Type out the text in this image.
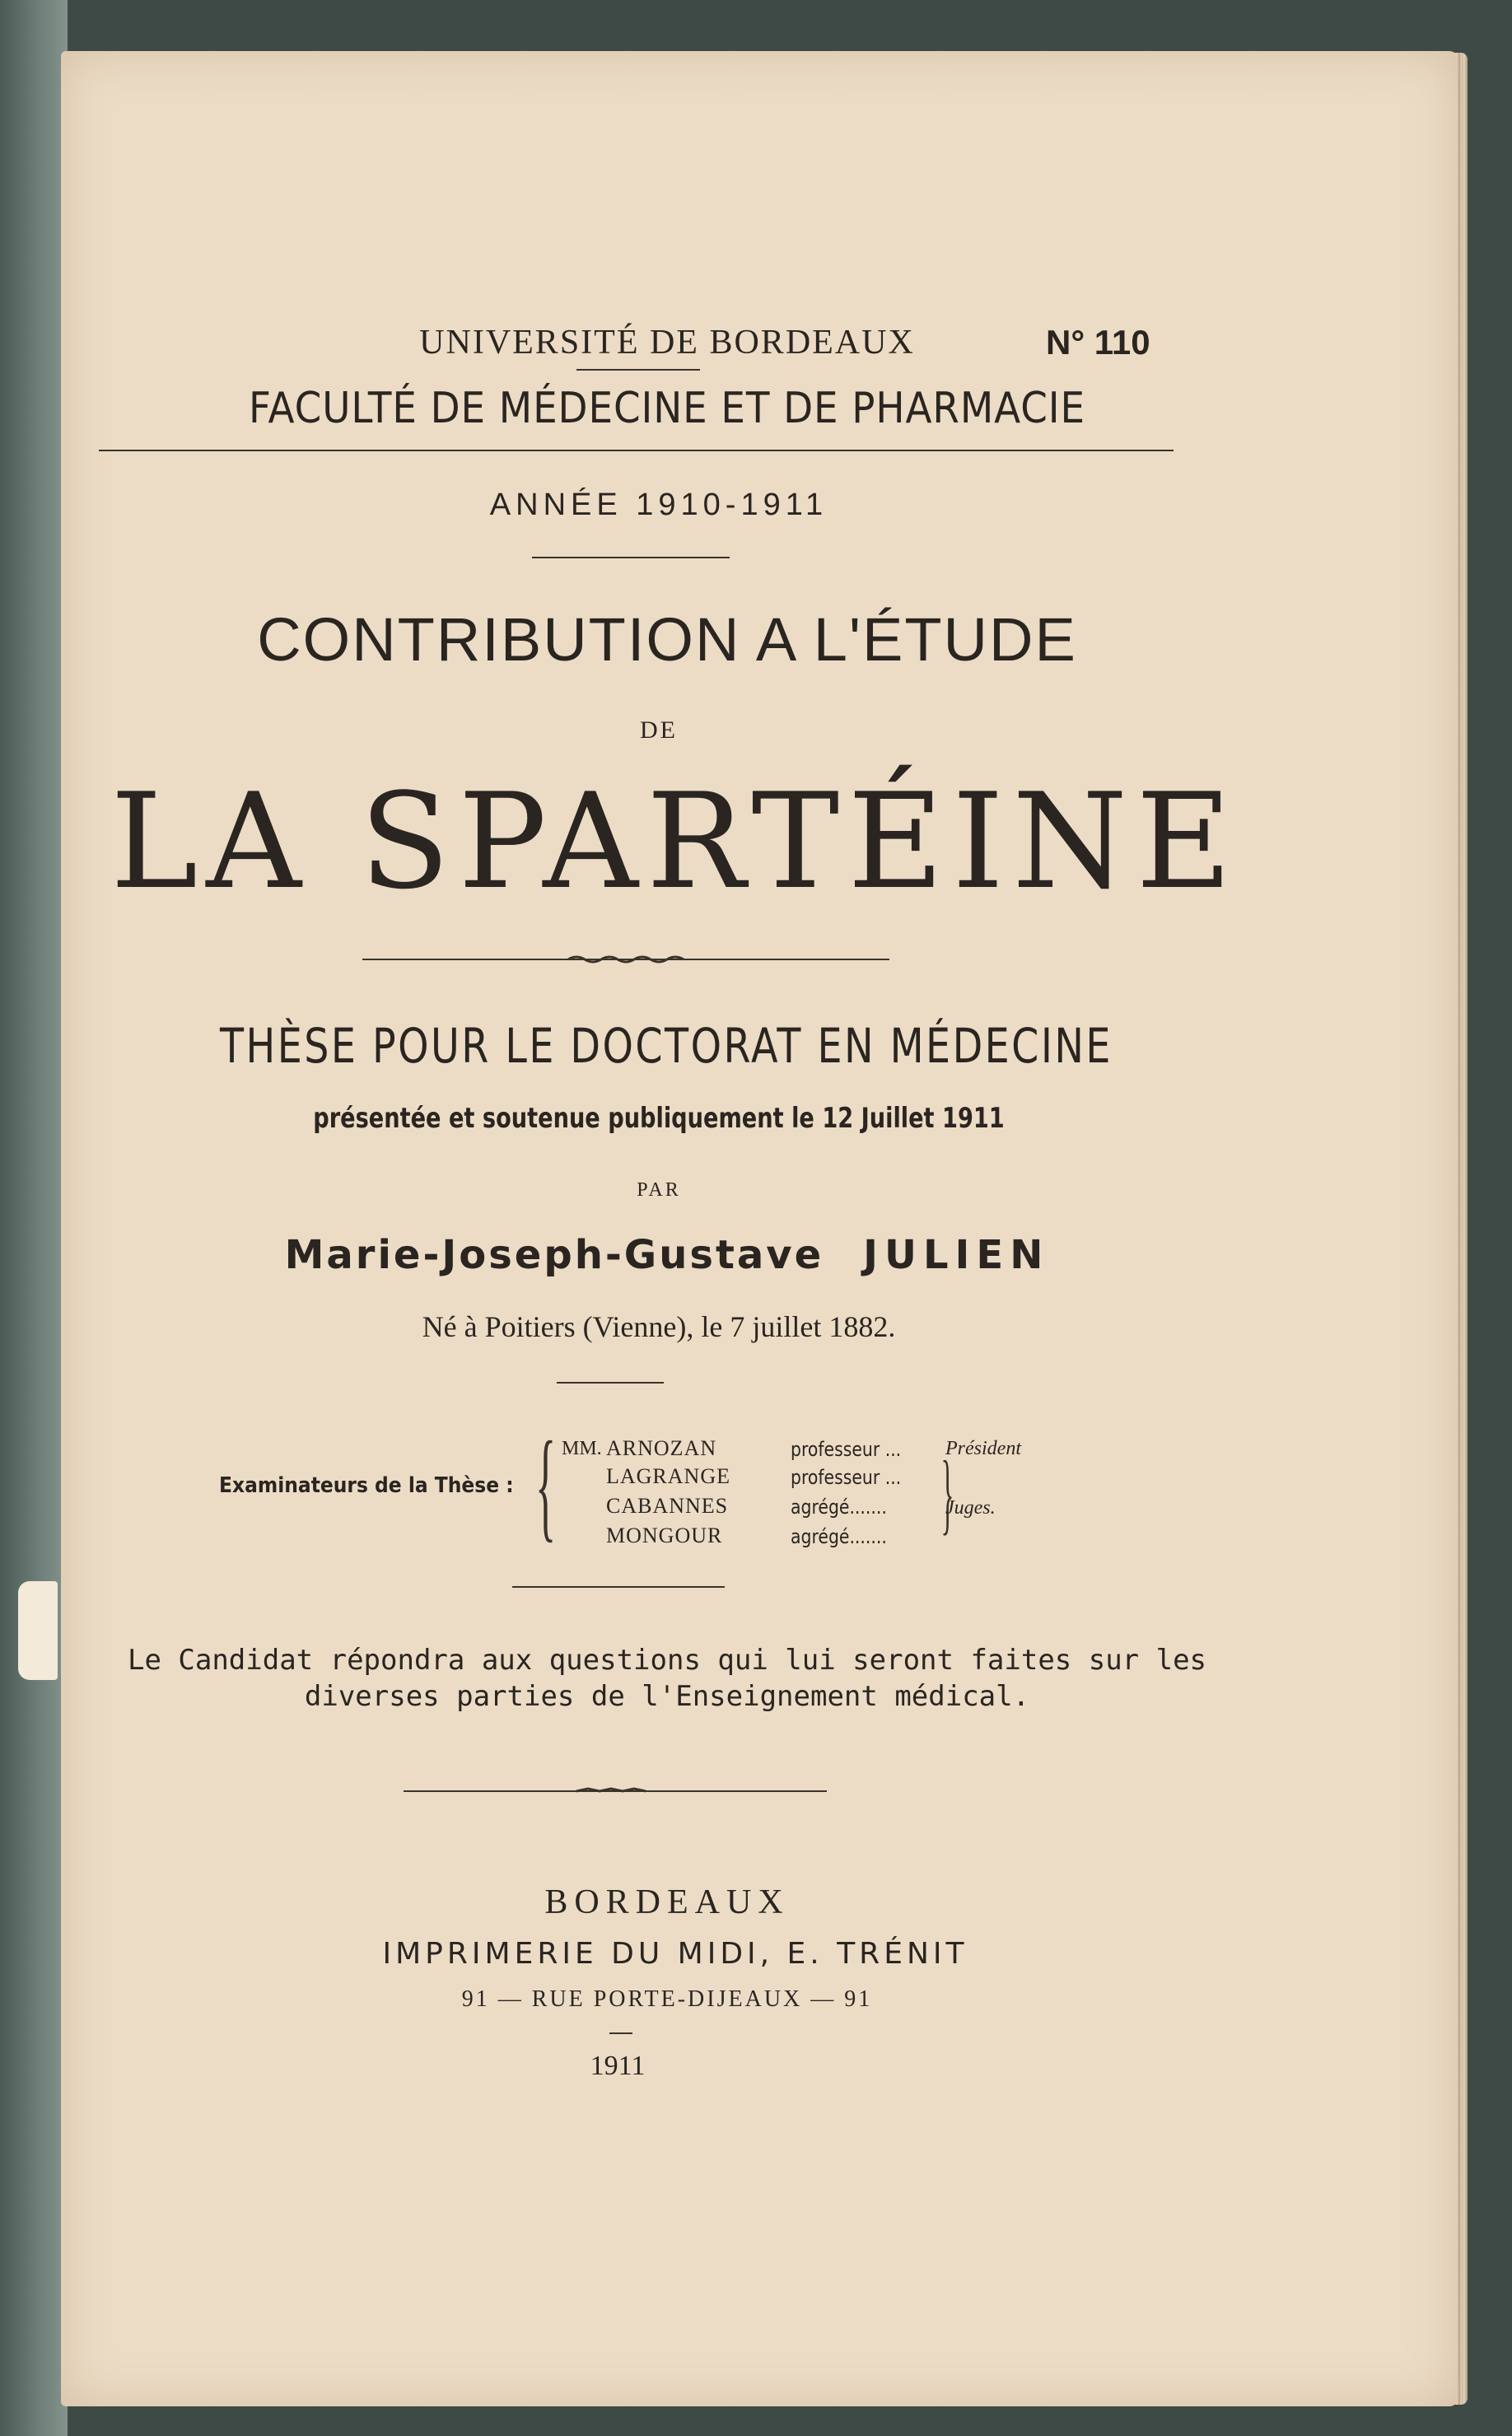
UNIVERSITÉ DE BORDEAUX	N° 110
FACULTÉ DE MÉDECINE ET DE PHARMACIE
ANNÉE 1910-1911
CONTRIBUTION A L'ÉTUDE
DE
LA SPARTÉINE
THÈSE POUR LE DOCTORAT EN MÉDECINE
présentée et soutenue publiquement le 12 Juillet 1911
PAR
Marie-Joseph-Gustave JULIEN
Né à Poitiers (Vienne), le 7 juillet 1882.
Examinateurs de la Thèse : { MM. ARNOZAN
LAGRANGE
CABANNES
MONGOUR
professeur ...
professeur ...
agrégé.......
agrégé....... {
Président
Juges.
Le Candidat répondra aux questions qui lui seront faites sur les
diverses parties de l'Enseignement médical.
BORDEAUX
IMPRIMERIE DU MIDI, E. TRÉNIT
91 — RUE PORTE-DIJEAUX — 91
1911
